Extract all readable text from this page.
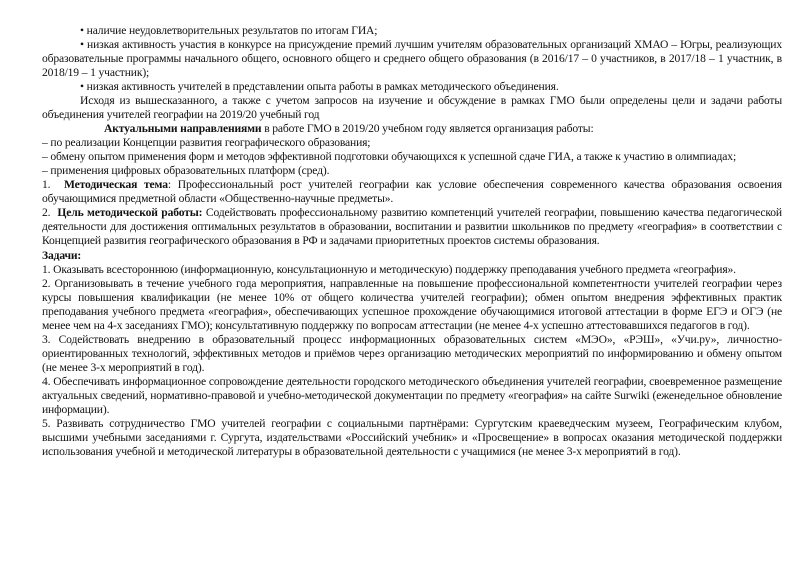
• наличие неудовлетворительных результатов по итогам ГИА;

• низкая активность участия в конкурсе на присуждение премий лучшим учителям образовательных организаций ХМАО – Югры, реализующих образовательные программы начального общего, основного общего и среднего общего образования (в 2016/17 – 0 участников, в 2017/18 – 1 участник, в 2018/19 – 1 участник);

• низкая активность учителей в представлении опыта работы в рамках методического объединения.

Исходя из вышесказанного, а также с учетом запросов на изучение и обсуждение в рамках ГМО были определены цели и задачи работы объединения учителей географии на 2019/20 учебный год

Актуальными направлениями в работе ГМО в 2019/20 учебном году является организация работы:

– по реализации Концепции развития географического образования;

– обмену опытом применения форм и методов эффективной подготовки обучающихся к успешной сдаче ГИА, а также к участию в олимпиадах;

– применения цифровых образовательных платформ (сред).

1.  Методическая тема: Профессиональный рост учителей географии как условие обеспечения современного качества образования освоения обучающимися предметной области «Общественно-научные предметы».

2.  Цель методической работы: Содействовать профессиональному развитию компетенций учителей географии, повышению качества педагогической деятельности для достижения оптимальных результатов в образовании, воспитании и развитии школьников по предмету «география» в соответствии с Концепцией развития географического образования в РФ и задачами приоритетных проектов системы образования.

Задачи:

1. Оказывать всестороннюю (информационную, консультационную и методическую) поддержку преподавания учебного предмета «география».

2. Организовывать в течение учебного года мероприятия, направленные на повышение профессиональной компетентности учителей географии через курсы повышения квалификации (не менее 10% от общего количества учителей географии); обмен опытом внедрения эффективных практик преподавания учебного предмета «география», обеспечивающих успешное прохождение обучающимися итоговой аттестации в форме ЕГЭ и ОГЭ (не менее чем на 4-х заседаниях ГМО); консультативную поддержку по вопросам аттестации (не менее 4-х успешно аттестовавшихся педагогов в год).

3. Содействовать внедрению в образовательный процесс информационных образовательных систем «МЭО», «РЭШ», «Учи.ру», личностно-ориентированных технологий, эффективных методов и приёмов через организацию методических мероприятий по информированию и обмену опытом (не менее 3-х мероприятий в год).

4. Обеспечивать информационное сопровождение деятельности городского методического объединения учителей географии, своевременное размещение актуальных сведений, нормативно-правовой и учебно-методической документации по предмету «география» на сайте Surwiki (еженедельное обновление информации).

5. Развивать сотрудничество ГМО учителей географии с социальными партнёрами: Сургутским краеведческим музеем, Географическим клубом, высшими учебными заседаниями г. Сургута, издательствами «Российский учебник» и «Просвещение» в вопросах оказания методической поддержки использования учебной и методической литературы в образовательной деятельности с учащимися (не менее 3-х мероприятий в год).
